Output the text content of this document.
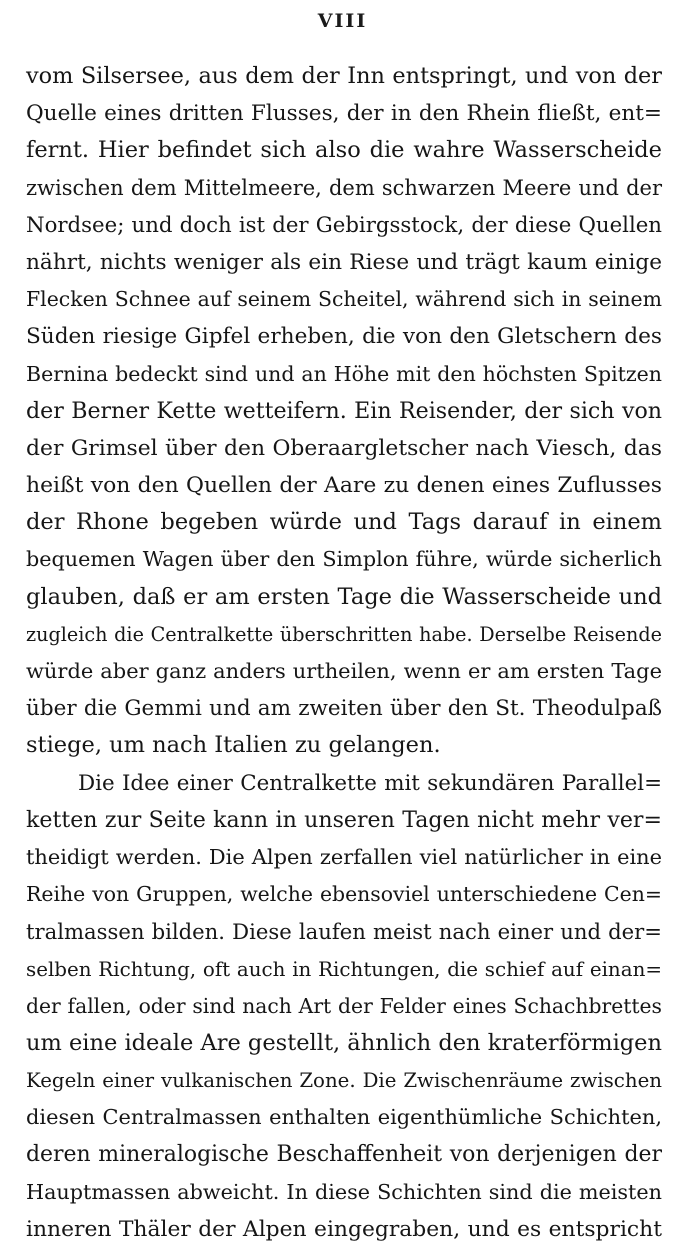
VIII
vom Silsersee, aus dem der Inn entspringt, und von der
Quelle eines dritten Flusses, der in den Rhein fließt, ent=
fernt. Hier befindet sich also die wahre Wasserscheide
zwischen dem Mittelmeere, dem schwarzen Meere und der
Nordsee; und doch ist der Gebirgsstock, der diese Quellen
nährt, nichts weniger als ein Riese und trägt kaum einige
Flecken Schnee auf seinem Scheitel, während sich in seinem
Süden riesige Gipfel erheben, die von den Gletschern des
Bernina bedeckt sind und an Höhe mit den höchsten Spitzen
der Berner Kette wetteifern. Ein Reisender, der sich von
der Grimsel über den Oberaargletscher nach Viesch, das
heißt von den Quellen der Aare zu denen eines Zuflusses
der Rhone begeben würde und Tags darauf in einem
bequemen Wagen über den Simplon führe, würde sicherlich
glauben, daß er am ersten Tage die Wasserscheide und
zugleich die Centralkette überschritten habe. Derselbe Reisende
würde aber ganz anders urtheilen, wenn er am ersten Tage
über die Gemmi und am zweiten über den St. Theodulpaß
stiege, um nach Italien zu gelangen.
Die Idee einer Centralkette mit sekundären Parallel=
ketten zur Seite kann in unseren Tagen nicht mehr ver=
theidigt werden. Die Alpen zerfallen viel natürlicher in eine
Reihe von Gruppen, welche ebensoviel unterschiedene Cen=
tralmassen bilden. Diese laufen meist nach einer und der=
selben Richtung, oft auch in Richtungen, die schief auf einan=
der fallen, oder sind nach Art der Felder eines Schachbrettes
um eine ideale Are gestellt, ähnlich den kraterförmigen
Kegeln einer vulkanischen Zone. Die Zwischenräume zwischen
diesen Centralmassen enthalten eigenthümliche Schichten,
deren mineralogische Beschaffenheit von derjenigen der
Hauptmassen abweicht. In diese Schichten sind die meisten
inneren Thäler der Alpen eingegraben, und es entspricht
